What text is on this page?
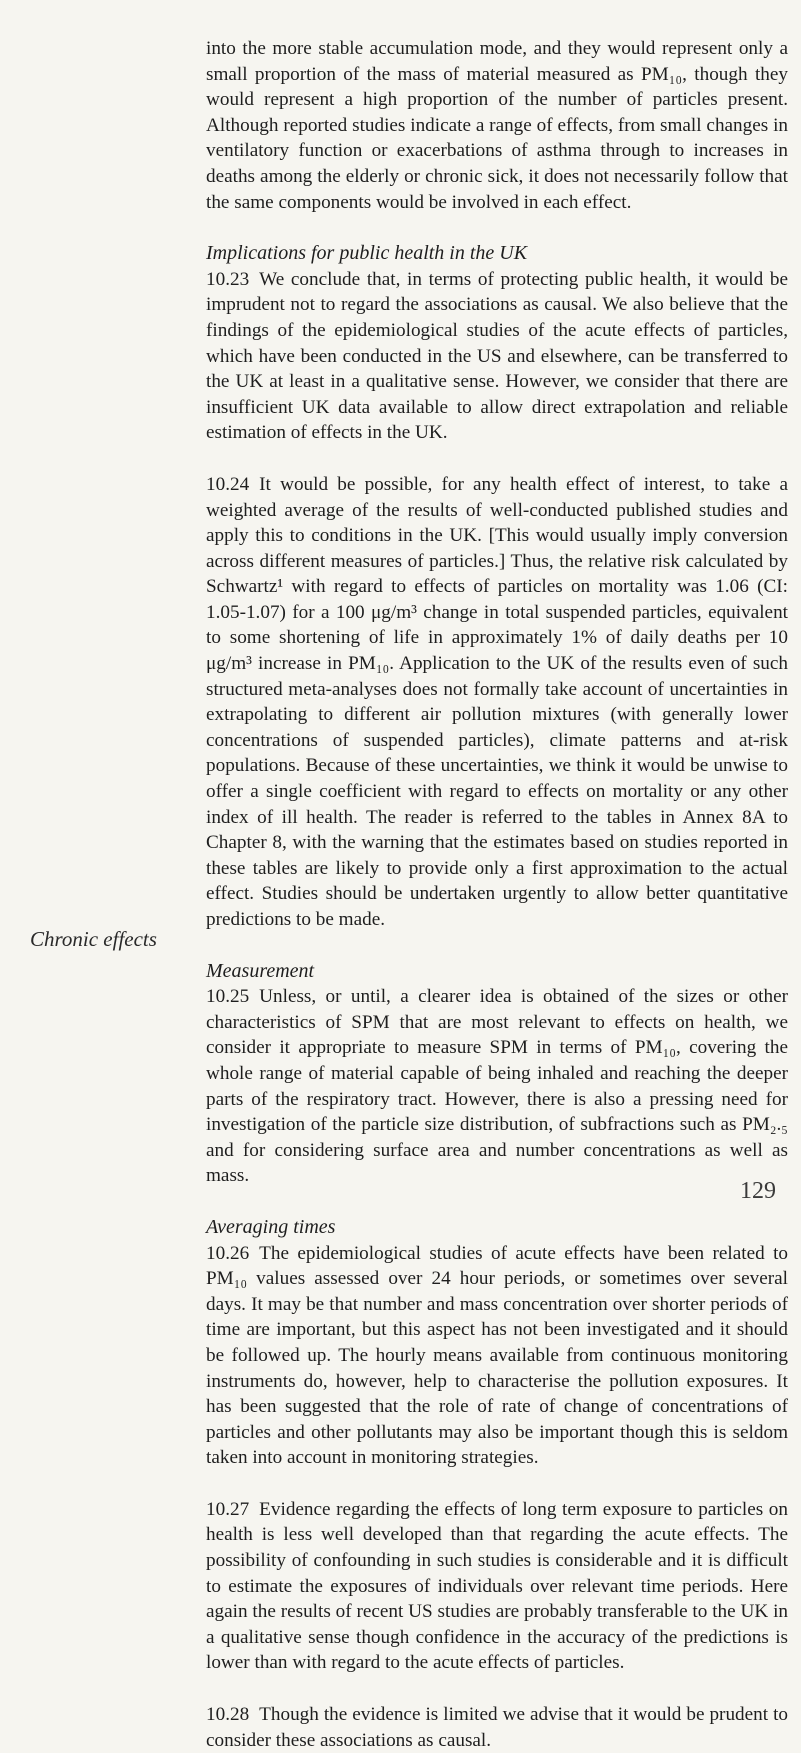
Chronic effects

into the more stable accumulation mode, and they would represent only a small proportion of the mass of material measured as PM₁₀, though they would represent a high proportion of the number of particles present. Although reported studies indicate a range of effects, from small changes in ventilatory function or exacerbations of asthma through to increases in deaths among the elderly or chronic sick, it does not necessarily follow that the same components would be involved in each effect.

Implications for public health in the UK

10.23 We conclude that, in terms of protecting public health, it would be imprudent not to regard the associations as causal. We also believe that the findings of the epidemiological studies of the acute effects of particles, which have been conducted in the US and elsewhere, can be transferred to the UK at least in a qualitative sense. However, we consider that there are insufficient UK data available to allow direct extrapolation and reliable estimation of effects in the UK.

10.24 It would be possible, for any health effect of interest, to take a weighted average of the results of well-conducted published studies and apply this to conditions in the UK. [This would usually imply conversion across different measures of particles.] Thus, the relative risk calculated by Schwartz¹ with regard to effects of particles on mortality was 1.06 (CI: 1.05-1.07) for a 100 μg/m³ change in total suspended particles, equivalent to some shortening of life in approximately 1% of daily deaths per 10 μg/m³ increase in PM₁₀. Application to the UK of the results even of such structured meta-analyses does not formally take account of uncertainties in extrapolating to different air pollution mixtures (with generally lower concentrations of suspended particles), climate patterns and at-risk populations. Because of these uncertainties, we think it would be unwise to offer a single coefficient with regard to effects on mortality or any other index of ill health. The reader is referred to the tables in Annex 8A to Chapter 8, with the warning that the estimates based on studies reported in these tables are likely to provide only a first approximation to the actual effect. Studies should be undertaken urgently to allow better quantitative predictions to be made.

Measurement

10.25 Unless, or until, a clearer idea is obtained of the sizes or other characteristics of SPM that are most relevant to effects on health, we consider it appropriate to measure SPM in terms of PM₁₀, covering the whole range of material capable of being inhaled and reaching the deeper parts of the respiratory tract. However, there is also a pressing need for investigation of the particle size distribution, of subfractions such as PM₂.₅ and for considering surface area and number concentrations as well as mass.

Averaging times

10.26 The epidemiological studies of acute effects have been related to PM₁₀ values assessed over 24 hour periods, or sometimes over several days. It may be that number and mass concentration over shorter periods of time are important, but this aspect has not been investigated and it should be followed up. The hourly means available from continuous monitoring instruments do, however, help to characterise the pollution exposures. It has been suggested that the role of rate of change of concentrations of particles and other pollutants may also be important though this is seldom taken into account in monitoring strategies.

10.27 Evidence regarding the effects of long term exposure to particles on health is less well developed than that regarding the acute effects. The possibility of confounding in such studies is considerable and it is difficult to estimate the exposures of individuals over relevant time periods. Here again the results of recent US studies are probably transferable to the UK in a qualitative sense though confidence in the accuracy of the predictions is lower than with regard to the acute effects of particles.

10.28 Though the evidence is limited we advise that it would be prudent to consider these associations as causal.

129
